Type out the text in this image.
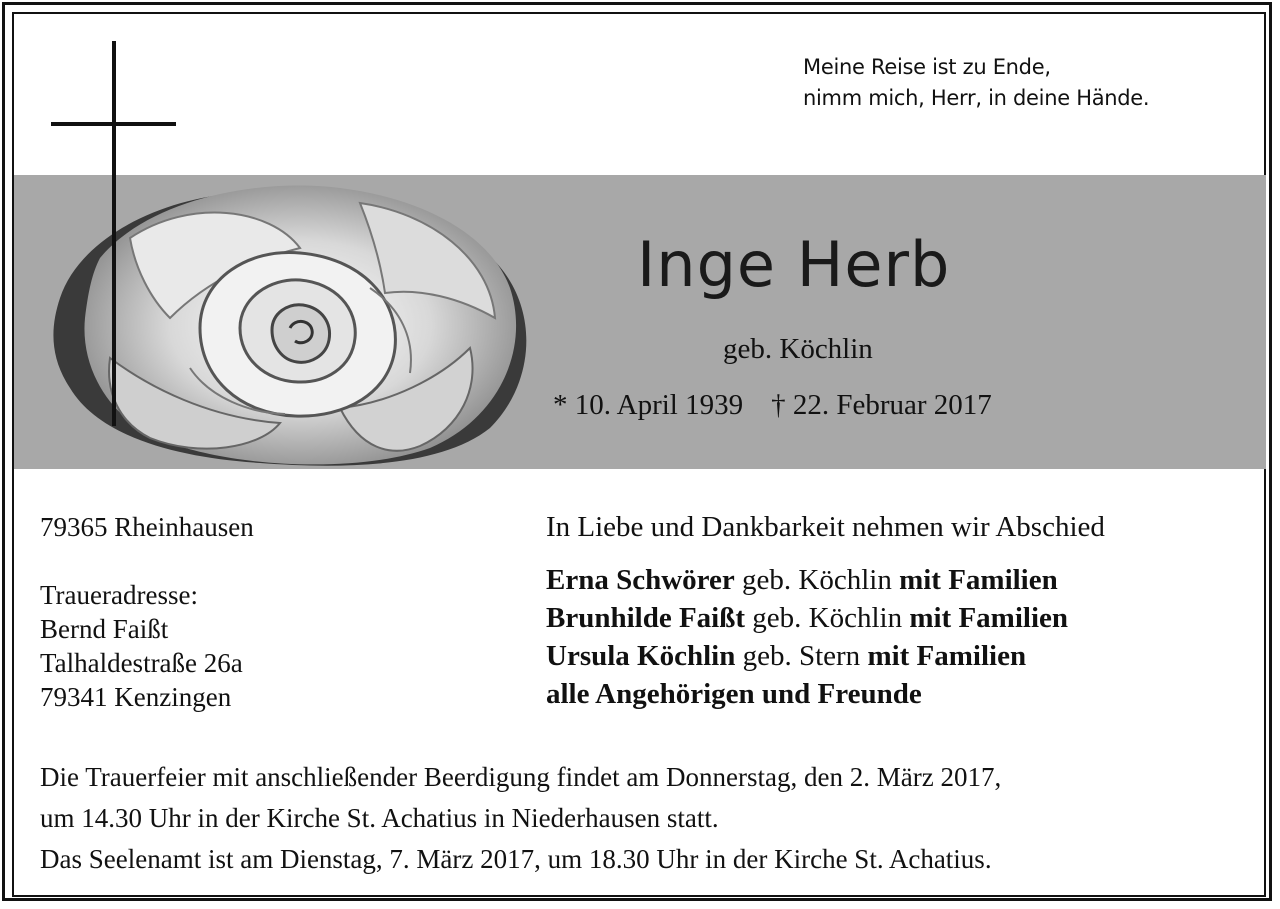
Meine Reise ist zu Ende,
nimm mich, Herr, in deine Hände.
Inge Herb
geb. Köchlin
* 10. April 1939 † 22. Februar 2017
79365 Rheinhausen
Traueradresse:
Bernd Faißt
Talhaldestraße 26a
79341 Kenzingen
In Liebe und Dankbarkeit nehmen wir Abschied
Erna Schwörer geb. Köchlin mit Familien
Brunhilde Faißt geb. Köchlin mit Familien
Ursula Köchlin geb. Stern mit Familien
alle Angehörigen und Freunde
Die Trauerfeier mit anschließender Beerdigung findet am Donnerstag, den 2. März 2017,
um 14.30 Uhr in der Kirche St. Achatius in Niederhausen statt.
Das Seelenamt ist am Dienstag, 7. März 2017, um 18.30 Uhr in der Kirche St. Achatius.
